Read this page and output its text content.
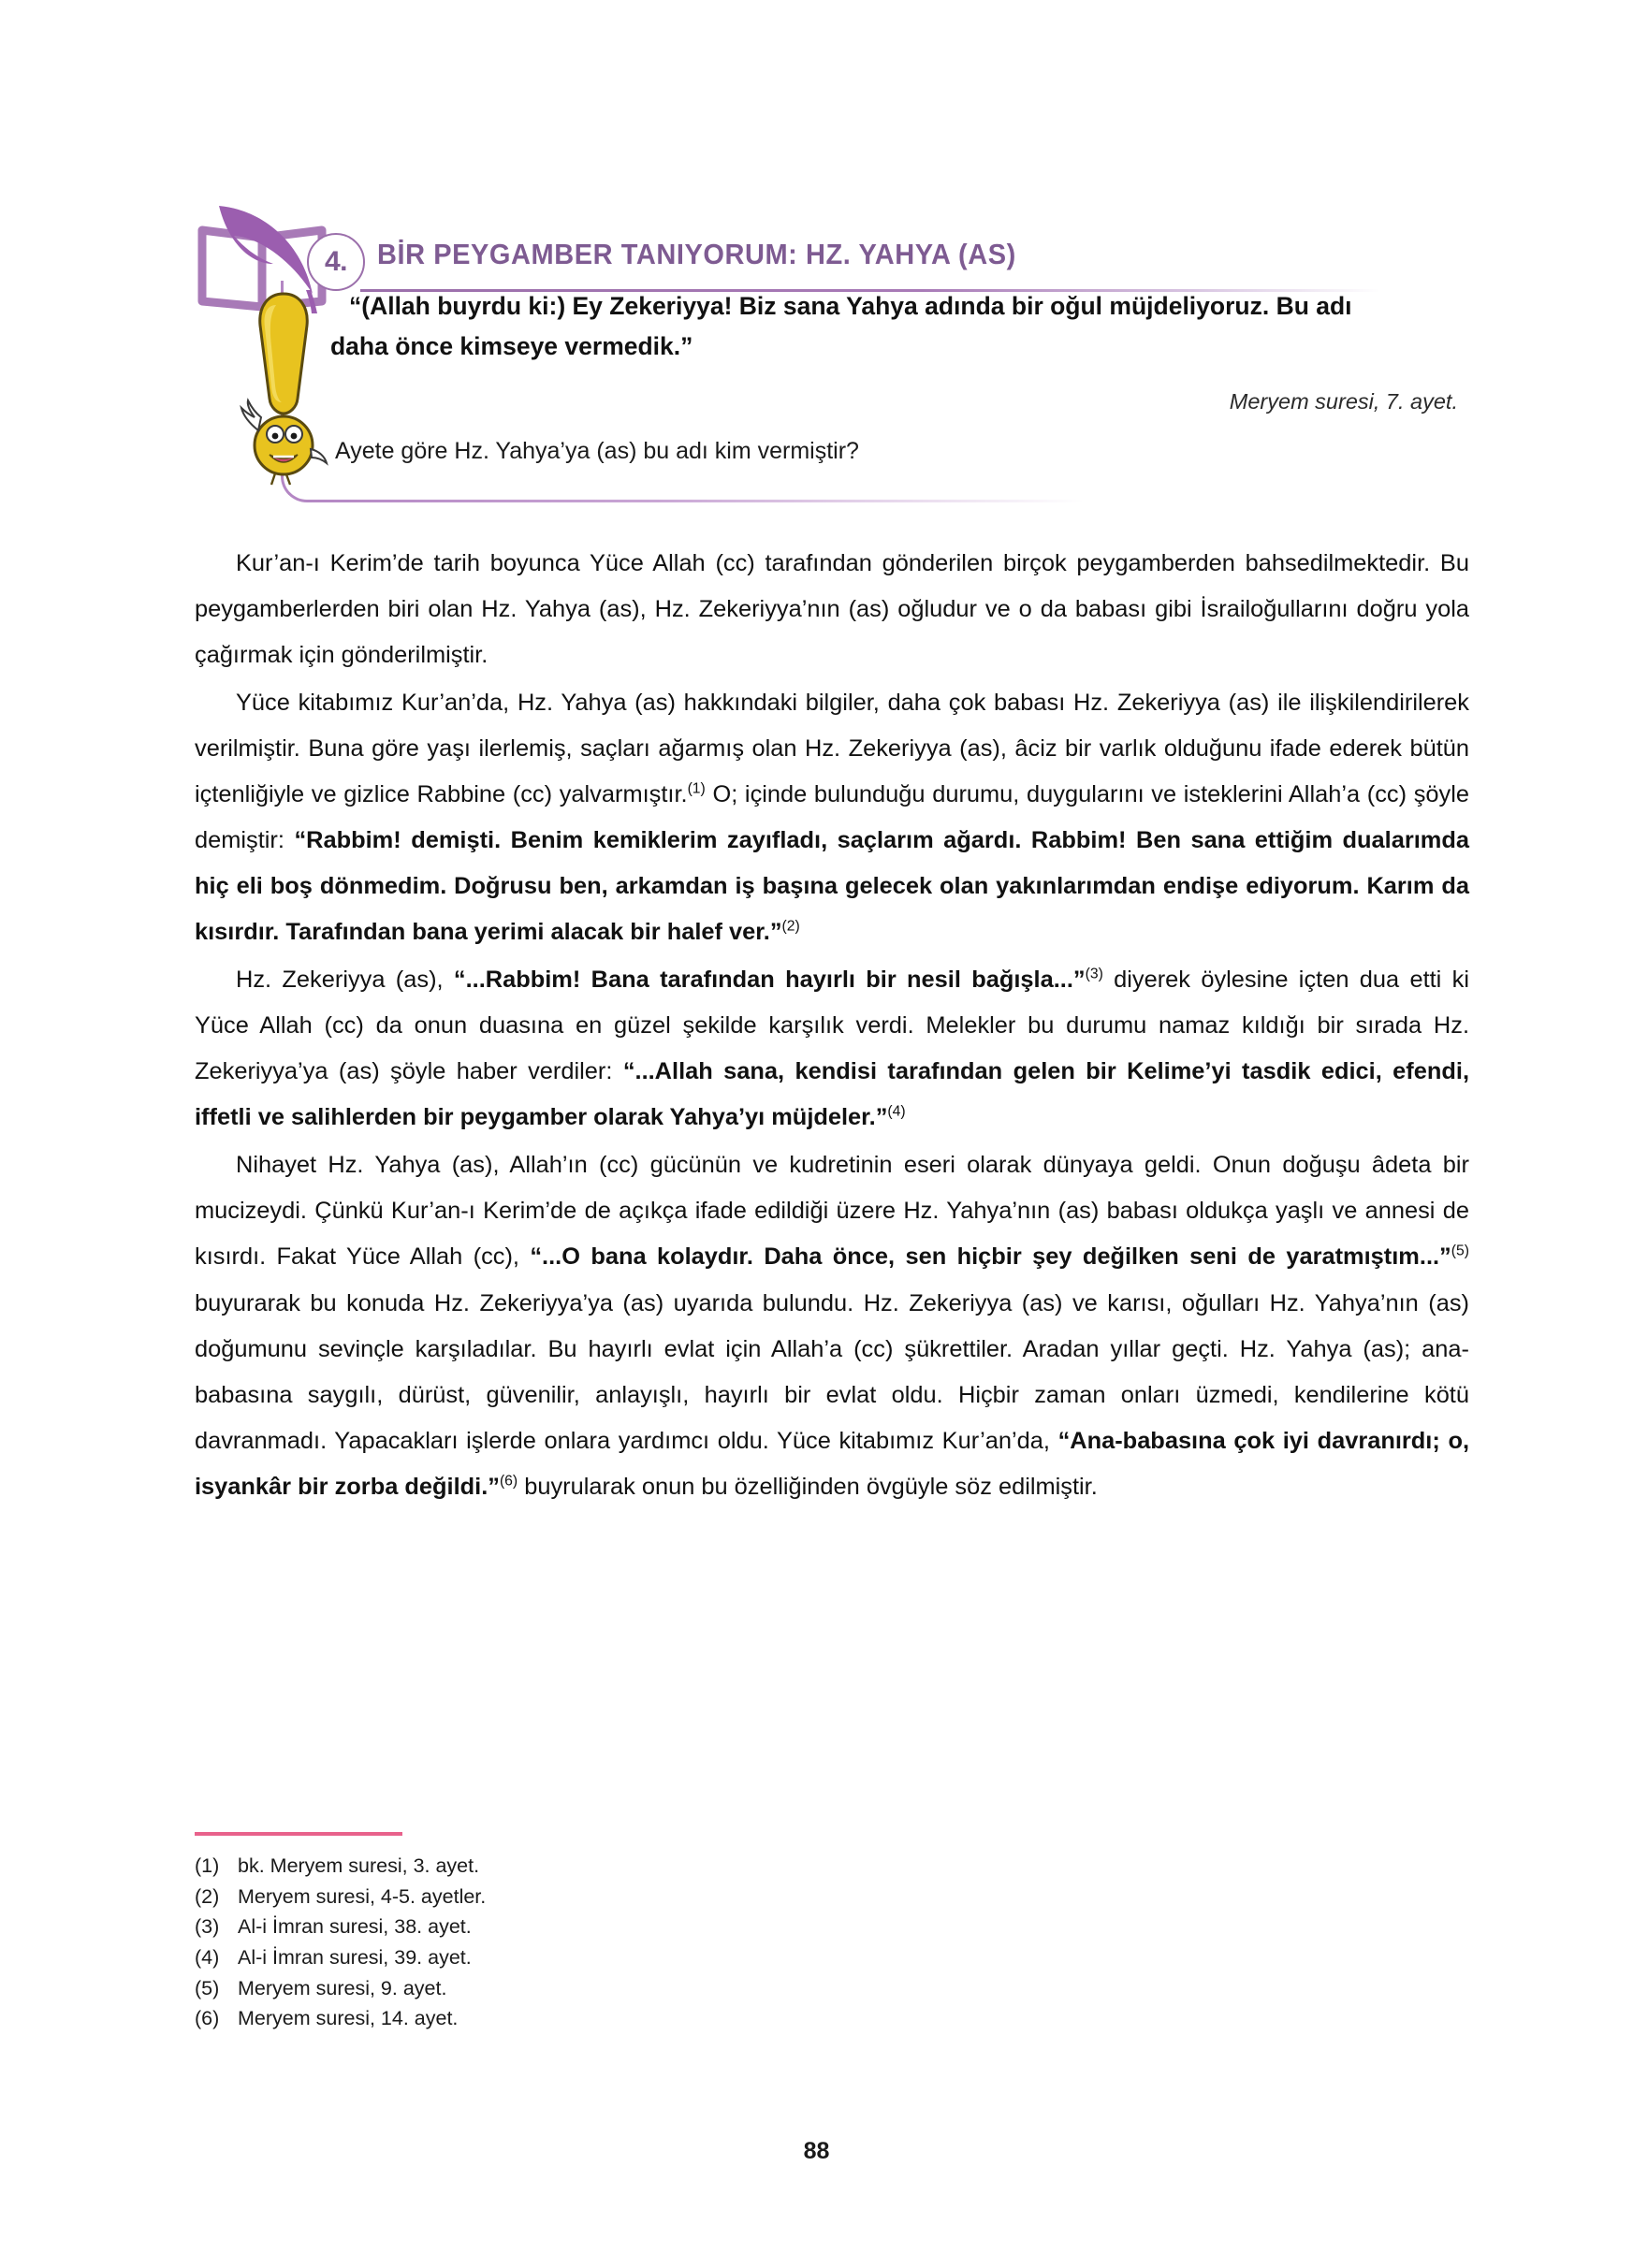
4.	BİR PEYGAMBER TANIYORUM: HZ. YAHYA (AS)
“(Allah buyrdu ki:) Ey Zekeriyya! Biz sana Yahya adında bir oğul müjdeliyoruz. Bu adı daha önce kimseye vermedik.”
Meryem suresi, 7. ayet.
Ayete göre Hz. Yahya’ya (as) bu adı kim vermiştir?

Kur’an-ı Kerim’de tarih boyunca Yüce Allah (cc) tarafından gönderilen birçok peygamberden bahsedilmektedir. Bu peygamberlerden biri olan Hz. Yahya (as), Hz. Zekeriyya’nın (as) oğludur ve o da babası gibi İsrailoğullarını doğru yola çağırmak için gönderilmiştir.

Yüce kitabımız Kur’an’da, Hz. Yahya (as) hakkındaki bilgiler, daha çok babası Hz. Zekeriyya (as) ile ilişkilendirilerek verilmiştir. Buna göre yaşı ilerlemiş, saçları ağarmış olan Hz. Zekeriyya (as), âciz bir varlık olduğunu ifade ederek bütün içtenliğiyle ve gizlice Rabbine (cc) yalvarmıştır.$^{(1)}$ O; içinde bulunduğu durumu, duygularını ve isteklerini Allah’a (cc) şöyle demiştir: “Rabbim! demişti. Benim kemiklerim zayıfladı, saçlarım ağardı. Rabbim! Ben sana ettiğim dualarımda hiç eli boş dönmedim. Doğrusu ben, arkamdan iş başına gelecek olan yakınlarımdan endişe ediyorum. Karım da kısırdır. Tarafından bana yerimi alacak bir halef ver.”$^{(2)}$

Hz. Zekeriyya (as), “...Rabbim! Bana tarafından hayırlı bir nesil bağışla...”$^{(3)}$ diyerek öylesine içten dua etti ki Yüce Allah (cc) da onun duasına en güzel şekilde karşılık verdi. Melekler bu durumu namaz kıldığı bir sırada Hz. Zekeriyya’ya (as) şöyle haber verdiler: “...Allah sana, kendisi tarafından gelen bir Kelime’yi tasdik edici, efendi, iffetli ve salihlerden bir peygamber olarak Yahya’yı müjdeler.”$^{(4)}$

Nihayet Hz. Yahya (as), Allah’ın (cc) gücünün ve kudretinin eseri olarak dünyaya geldi. Onun doğuşu âdeta bir mucizeydi. Çünkü Kur’an-ı Kerim’de de açıkça ifade edildiği üzere Hz. Yahya’nın (as) babası oldukça yaşlı ve annesi de kısırdı. Fakat Yüce Allah (cc), “...O bana kolaydır. Daha önce, sen hiçbir şey değilken seni de yaratmıştım...”$^{(5)}$ buyurarak bu konuda Hz. Zekeriyya’ya (as) uyarıda bulundu. Hz. Zekeriyya (as) ve karısı, oğulları Hz. Yahya’nın (as) doğumunu sevinçle karşıladılar. Bu hayırlı evlat için Allah’a (cc) şükrettiler. Aradan yıllar geçti. Hz. Yahya (as); ana-babasına saygılı, dürüst, güvenilir, anlayışlı, hayırlı bir evlat oldu. Hiçbir zaman onları üzmedi, kendilerine kötü davranmadı. Yapacakları işlerde onlara yardımcı oldu. Yüce kitabımız Kur’an’da, “Ana-babasına çok iyi davranırdı; o, isyankâr bir zorba değildi.”$^{(6)}$ buyrularak onun bu özelliğinden övgüyle söz edilmiştir.

(1) bk. Meryem suresi, 3. ayet.
(2) Meryem suresi, 4-5. ayetler.
(3) Al-i İmran suresi, 38. ayet.
(4) Al-i İmran suresi, 39. ayet.
(5) Meryem suresi, 9. ayet.
(6) Meryem suresi, 14. ayet.
88
